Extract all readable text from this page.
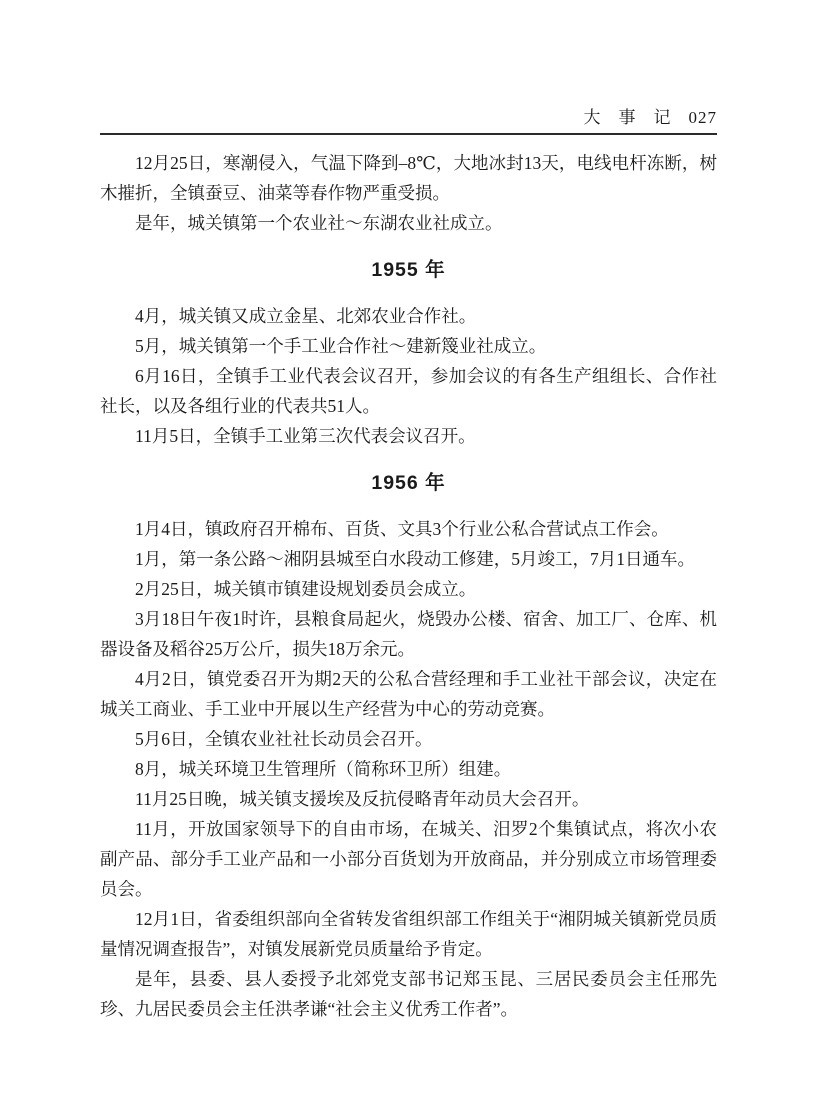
大事记 027

12月25日，寒潮侵入，气温下降到–8℃，大地冰封13天，电线电杆冻断，树木摧折，全镇蚕豆、油菜等春作物严重受损。

是年，城关镇第一个农业社～东湖农业社成立。

1955 年

4月，城关镇又成立金星、北郊农业合作社。

5月，城关镇第一个手工业合作社～建新篾业社成立。

6月16日，全镇手工业代表会议召开，参加会议的有各生产组组长、合作社社长，以及各组行业的代表共51人。

11月5日，全镇手工业第三次代表会议召开。

1956 年

1月4日，镇政府召开棉布、百货、文具3个行业公私合营试点工作会。

1月，第一条公路～湘阴县城至白水段动工修建，5月竣工，7月1日通车。

2月25日，城关镇市镇建设规划委员会成立。

3月18日午夜1时许，县粮食局起火，烧毁办公楼、宿舍、加工厂、仓库、机器设备及稻谷25万公斤，损失18万余元。

4月2日，镇党委召开为期2天的公私合营经理和手工业社干部会议，决定在城关工商业、手工业中开展以生产经营为中心的劳动竞赛。

5月6日，全镇农业社社长动员会召开。

8月，城关环境卫生管理所（简称环卫所）组建。

11月25日晚，城关镇支援埃及反抗侵略青年动员大会召开。

11月，开放国家领导下的自由市场，在城关、汨罗2个集镇试点，将次小农副产品、部分手工业产品和一小部分百货划为开放商品，并分别成立市场管理委员会。

12月1日，省委组织部向全省转发省组织部工作组关于“湘阴城关镇新党员质量情况调查报告”，对镇发展新党员质量给予肯定。

是年，县委、县人委授予北郊党支部书记郑玉昆、三居民委员会主任邢先珍、九居民委员会主任洪孝谦“社会主义优秀工作者”。
